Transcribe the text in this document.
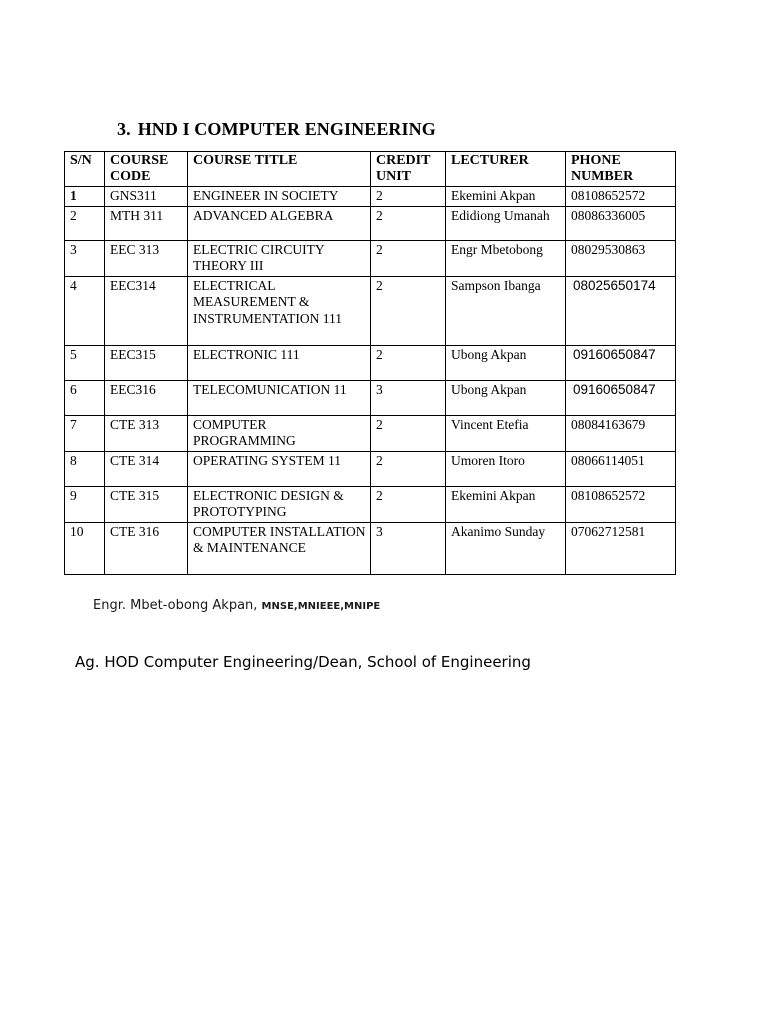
3. HND I COMPUTER ENGINEERING
S/N	COURSE CODE	COURSE TITLE	CREDIT UNIT	LECTURER	PHONE NUMBER
1	GNS311	ENGINEER IN SOCIETY	2	Ekemini Akpan	08108652572
2	MTH 311	ADVANCED ALGEBRA	2	Edidiong Umanah	08086336005
3	EEC 313	ELECTRIC CIRCUITY THEORY III	2	Engr Mbetobong	08029530863
4	EEC314	ELECTRICAL MEASUREMENT & INSTRUMENTATION 111	2	Sampson Ibanga	08025650174
5	EEC315	ELECTRONIC 111	2	Ubong Akpan	09160650847
6	EEC316	TELECOMUNICATION 11	3	Ubong Akpan	09160650847
7	CTE 313	COMPUTER PROGRAMMING	2	Vincent Etefia	08084163679
8	CTE 314	OPERATING SYSTEM 11	2	Umoren Itoro	08066114051
9	CTE 315	ELECTRONIC DESIGN & PROTOTYPING	2	Ekemini Akpan	08108652572
10	CTE 316	COMPUTER INSTALLATION & MAINTENANCE	3	Akanimo Sunday	07062712581
Engr. Mbet-obong Akpan, MNSE,MNIEEE,MNIPE
Ag. HOD Computer Engineering/Dean, School of Engineering
